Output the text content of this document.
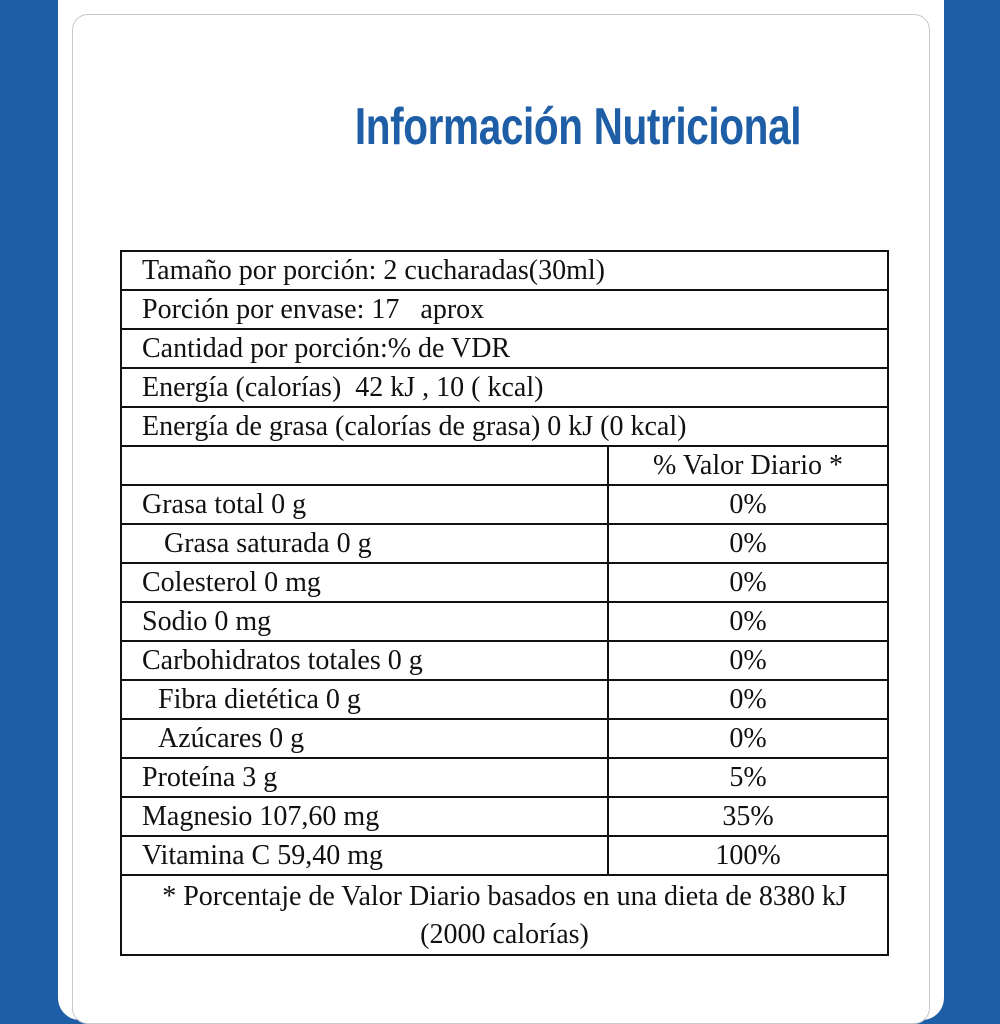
Información Nutricional
Tamaño por porción: 2 cucharadas(30ml)
Porción por envase: 17   aprox
Cantidad por porción:% de VDR
Energía (calorías)  42 kJ , 10 ( kcal)
Energía de grasa (calorías de grasa) 0 kJ (0 kcal)
% Valor Diario *
Grasa total 0 g	0%
Grasa saturada 0 g	0%
Colesterol 0 mg	0%
Sodio 0 mg	0%
Carbohidratos totales 0 g	0%
Fibra dietética 0 g	0%
Azúcares 0 g	0%
Proteína 3 g	5%
Magnesio 107,60 mg	35%
Vitamina C 59,40 mg	100%
* Porcentaje de Valor Diario basados en una dieta de 8380 kJ (2000 calorías)
